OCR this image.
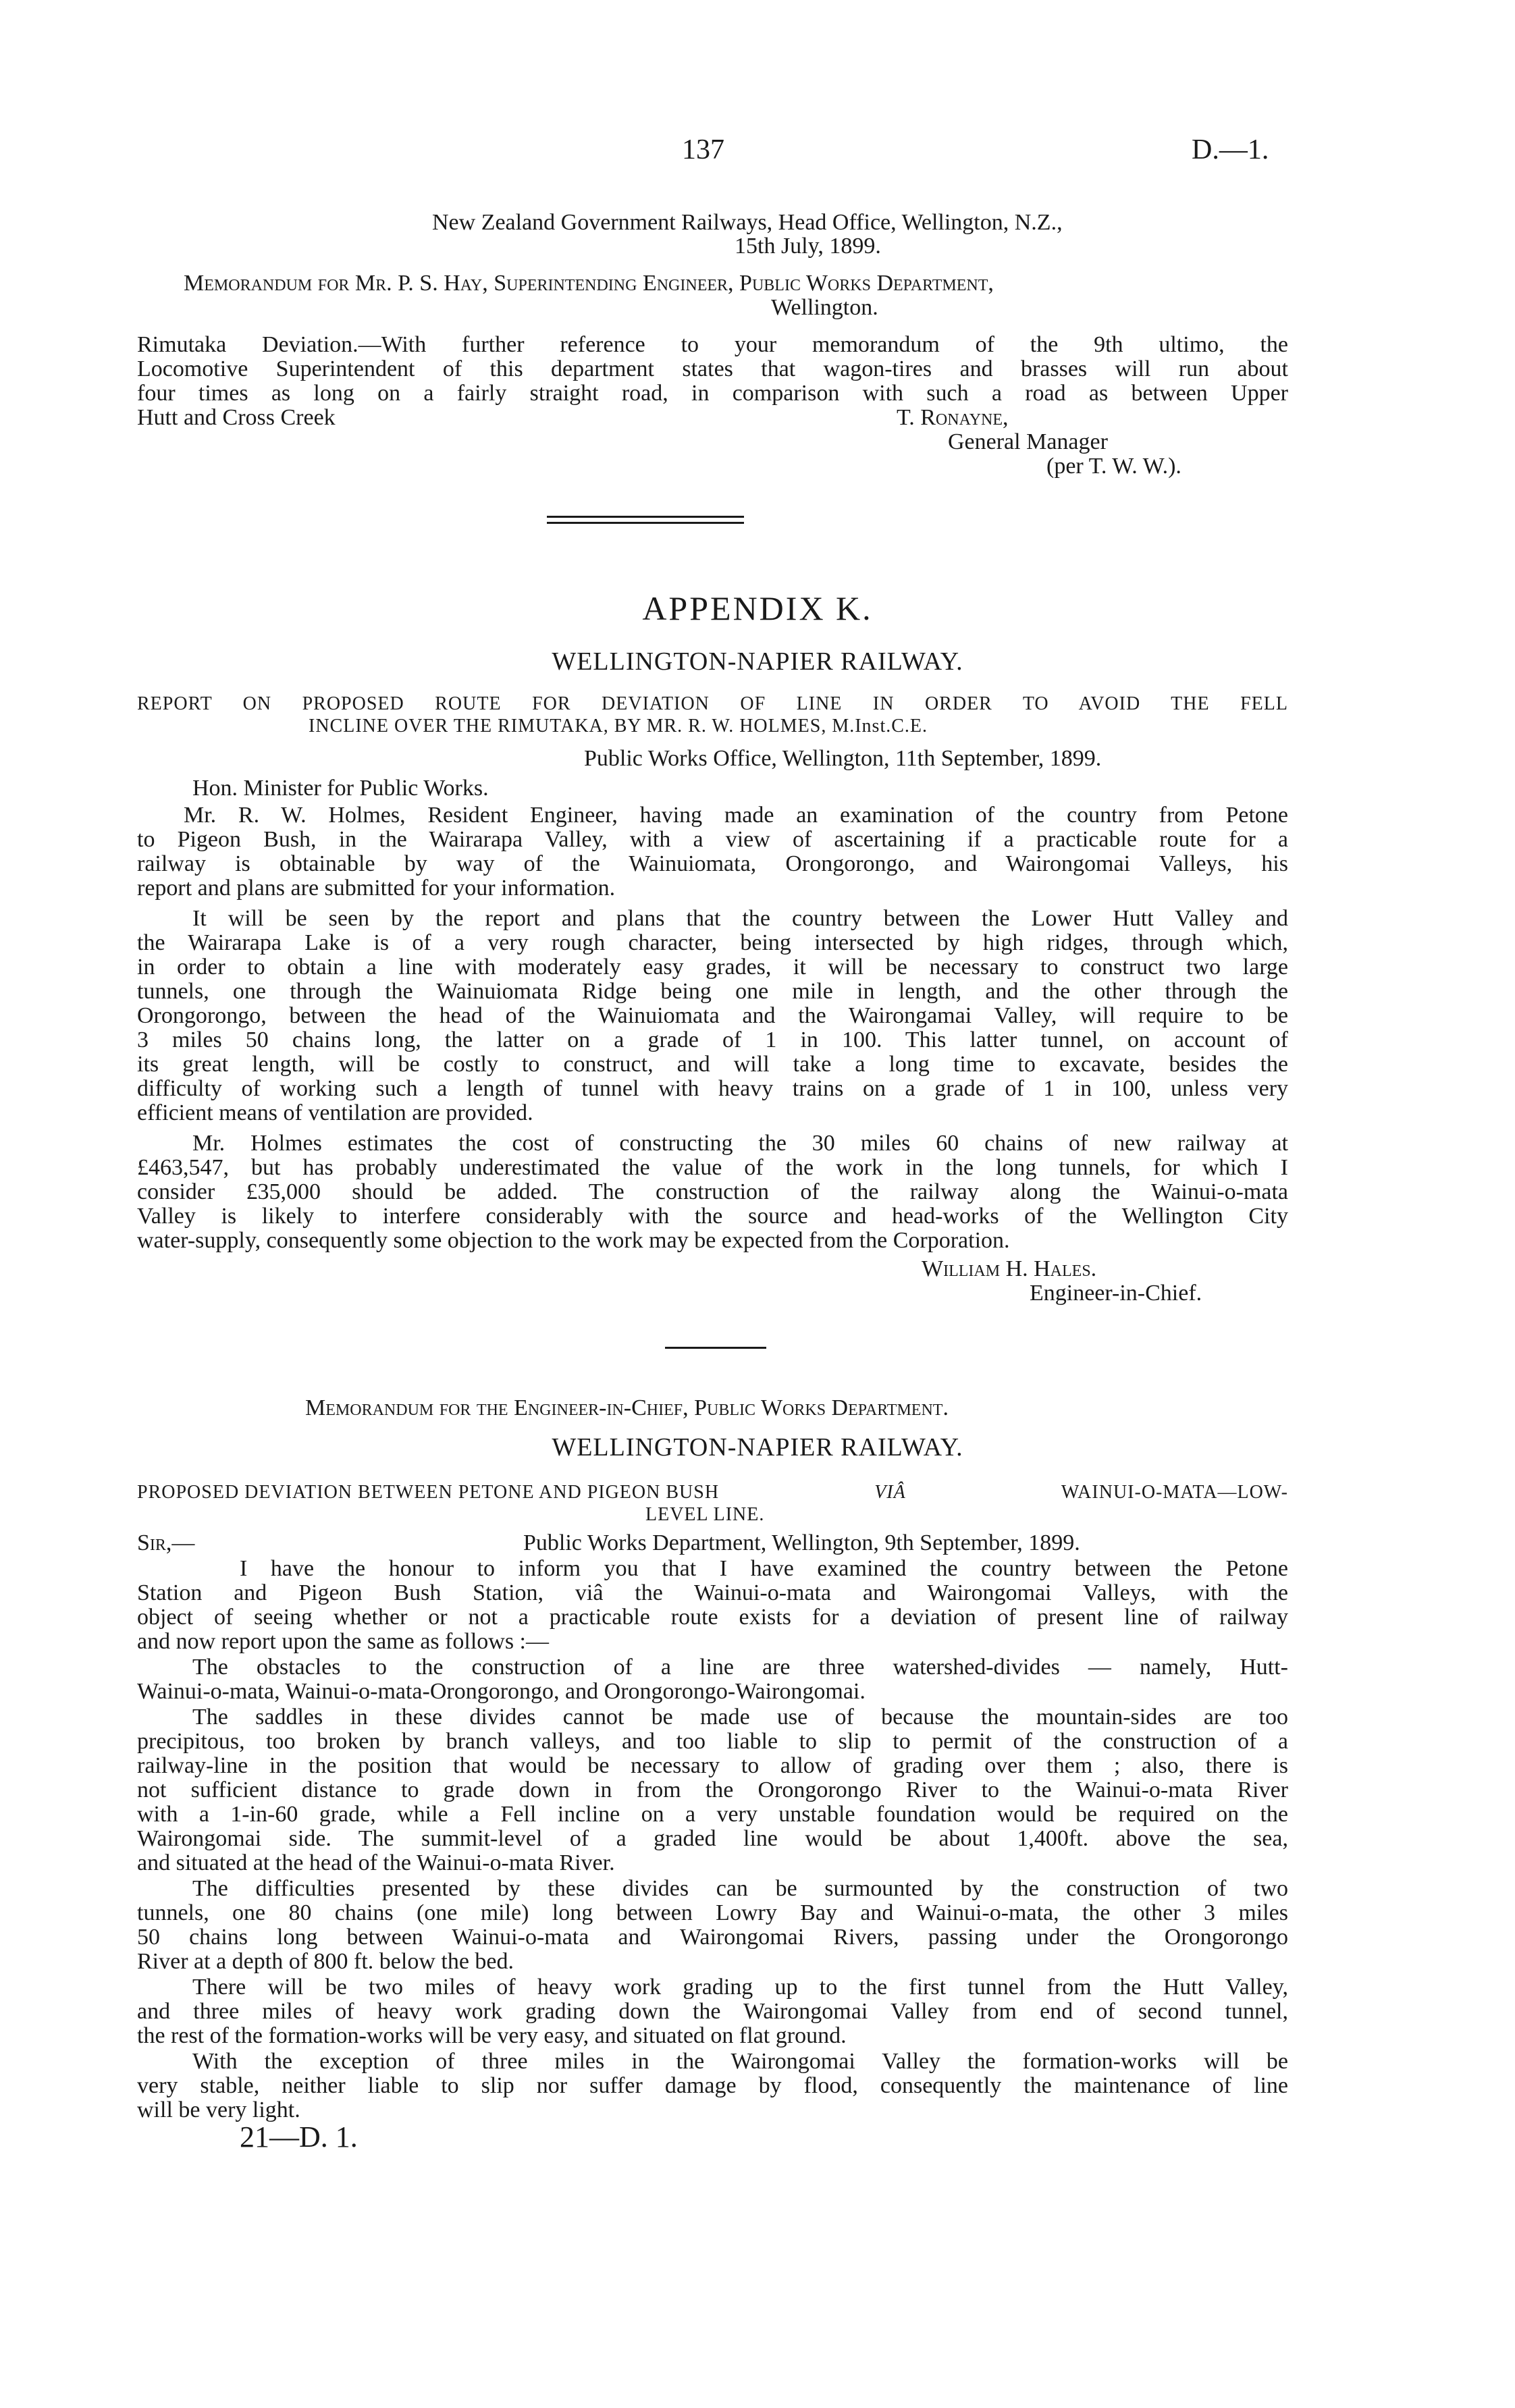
137	D.—1.
New Zealand Government Railways, Head Office, Wellington, N.Z.,
15th July, 1899.
Memorandum for Mr. P. S. Hay, Superintending Engineer, Public Works Department,
Wellington.
Rimutaka Deviation.—With further reference to your memorandum of the 9th ultimo, the
Locomotive Superintendent of this department states that wagon-tires and brasses will run about
four times as long on a fairly straight road, in comparison with such a road as between Upper
Hutt and Cross Creek	T. Ronayne,
General Manager
(per T. W. W.).
APPENDIX K.
WELLINGTON-NAPIER RAILWAY.
REPORT ON PROPOSED ROUTE FOR DEVIATION OF LINE IN ORDER TO AVOID THE FELL
INCLINE OVER THE RIMUTAKA, BY MR. R. W. HOLMES, M.Inst.C.E.
Public Works Office, Wellington, 11th September, 1899.
Hon. Minister for Public Works.
Mr. R. W. Holmes, Resident Engineer, having made an examination of the country from Petone
to Pigeon Bush, in the Wairarapa Valley, with a view of ascertaining if a practicable route for a
railway is obtainable by way of the Wainuiomata, Orongorongo, and Wairongomai Valleys, his
report and plans are submitted for your information.
It will be seen by the report and plans that the country between the Lower Hutt Valley and
the Wairarapa Lake is of a very rough character, being intersected by high ridges, through which,
in order to obtain a line with moderately easy grades, it will be necessary to construct two large
tunnels, one through the Wainuiomata Ridge being one mile in length, and the other through the
Orongorongo, between the head of the Wainuiomata and the Wairongamai Valley, will require to be
3 miles 50 chains long, the latter on a grade of 1 in 100. This latter tunnel, on account of
its great length, will be costly to construct, and will take a long time to excavate, besides the
difficulty of working such a length of tunnel with heavy trains on a grade of 1 in 100, unless very
efficient means of ventilation are provided.
Mr. Holmes estimates the cost of constructing the 30 miles 60 chains of new railway at
£463,547, but has probably underestimated the value of the work in the long tunnels, for which I
consider £35,000 should be added. The construction of the railway along the Wainui-o-mata
Valley is likely to interfere considerably with the source and head-works of the Wellington City
water-supply, consequently some objection to the work may be expected from the Corporation.
William H. Hales.
Engineer-in-Chief.
Memorandum for the Engineer-in-Chief, Public Works Department.
WELLINGTON-NAPIER RAILWAY.
PROPOSED DEVIATION BETWEEN PETONE AND PIGEON BUSH	VIÂ	WAINUI-O-MATA—LOW-
LEVEL LINE.
Sir,—	Public Works Department, Wellington, 9th September, 1899.
I have the honour to inform you that I have examined the country between the Petone
Station and Pigeon Bush Station, viâ the Wainui-o-mata and Wairongomai Valleys, with the
object of seeing whether or not a practicable route exists for a deviation of present line of railway
and now report upon the same as follows :—
The obstacles to the construction of a line are three watershed-divides — namely, Hutt-
Wainui-o-mata, Wainui-o-mata-Orongorongo, and Orongorongo-Wairongomai.
The saddles in these divides cannot be made use of because the mountain-sides are too
precipitous, too broken by branch valleys, and too liable to slip to permit of the construction of a
railway-line in the position that would be necessary to allow of grading over them ; also, there is
not sufficient distance to grade down in from the Orongorongo River to the Wainui-o-mata River
with a 1-in-60 grade, while a Fell incline on a very unstable foundation would be required on the
Wairongomai side. The summit-level of a graded line would be about 1,400ft. above the sea,
and situated at the head of the Wainui-o-mata River.
The difficulties presented by these divides can be surmounted by the construction of two
tunnels, one 80 chains (one mile) long between Lowry Bay and Wainui-o-mata, the other 3 miles
50 chains long between Wainui-o-mata and Wairongomai Rivers, passing under the Orongorongo
River at a depth of 800 ft. below the bed.
There will be two miles of heavy work grading up to the first tunnel from the Hutt Valley,
and three miles of heavy work grading down the Wairongomai Valley from end of second tunnel,
the rest of the formation-works will be very easy, and situated on flat ground.
With the exception of three miles in the Wairongomai Valley the formation-works will be
very stable, neither liable to slip nor suffer damage by flood, consequently the maintenance of line
will be very light.
21—D. 1.
